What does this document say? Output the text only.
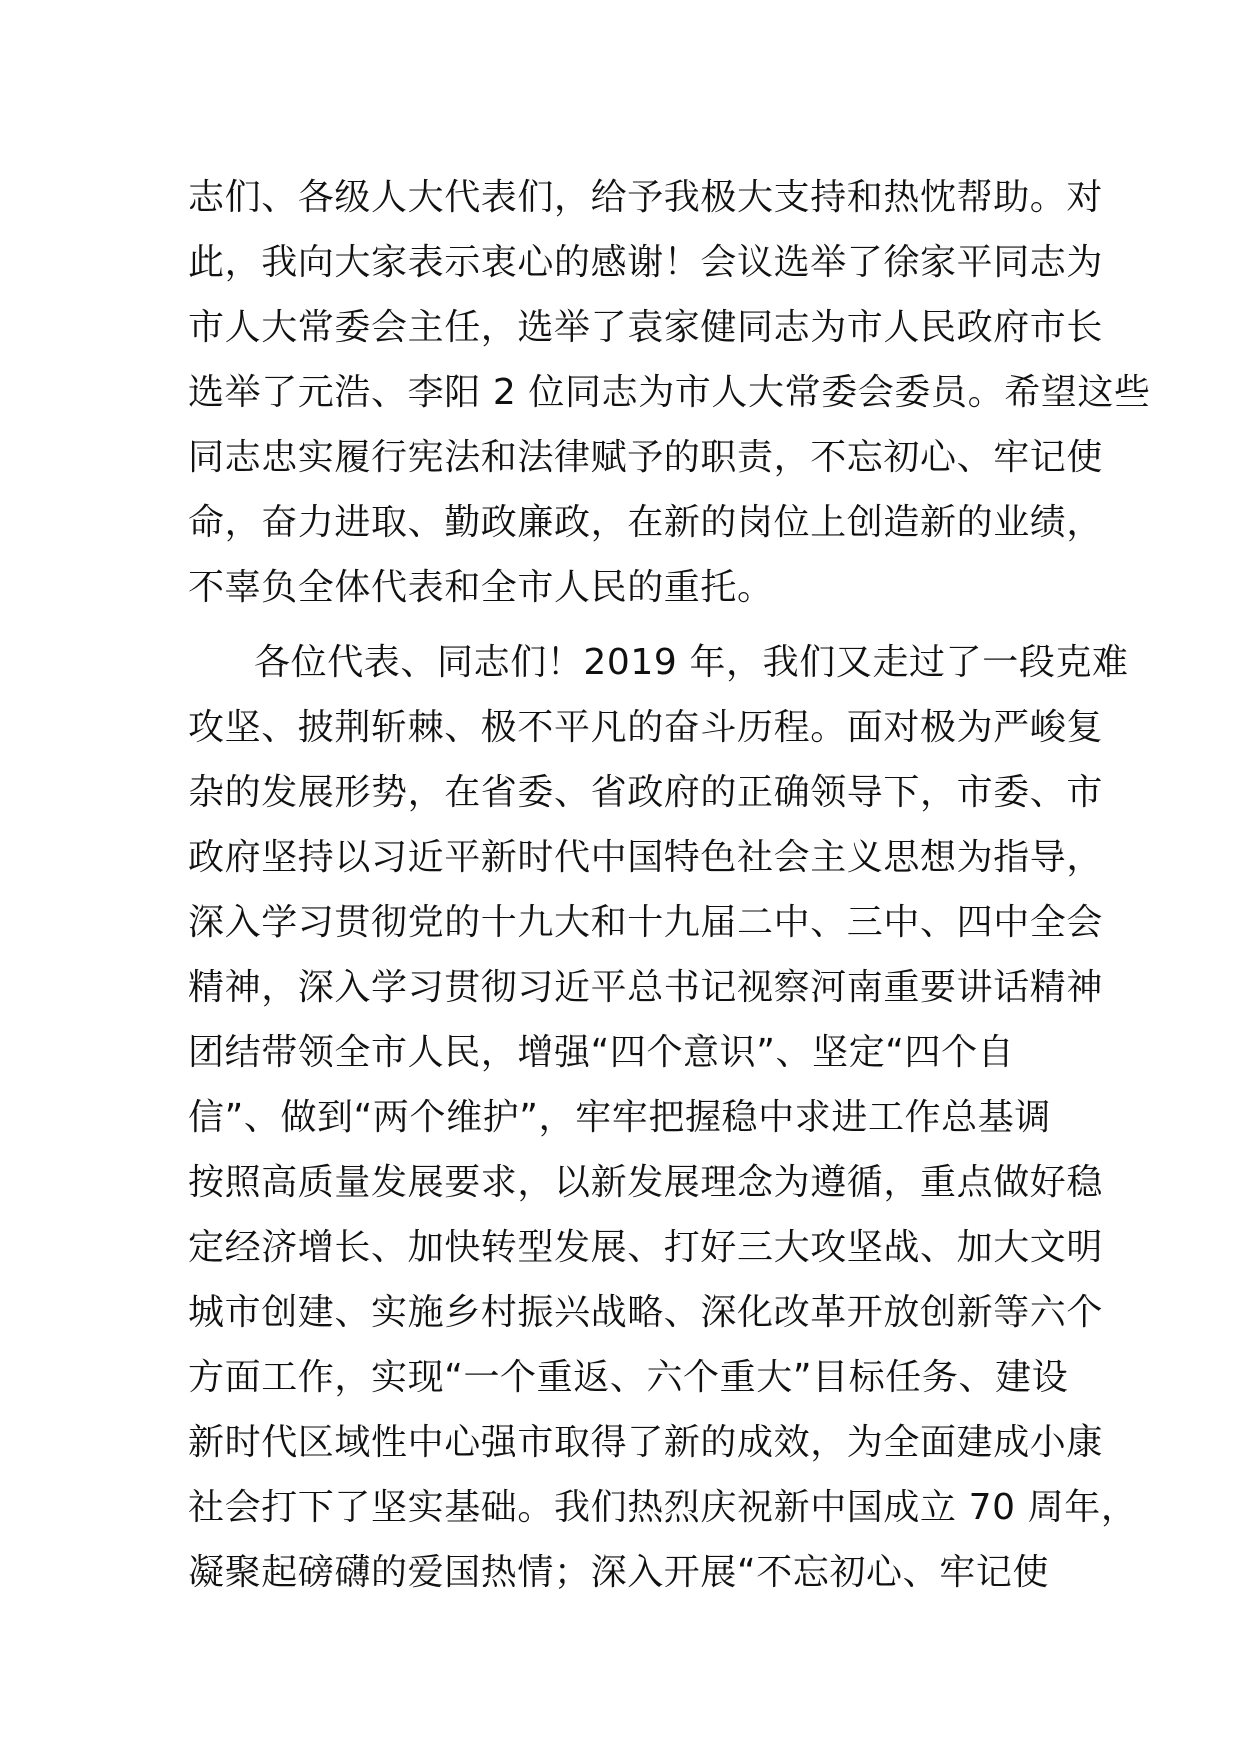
志们、各级人大代表们，给予我极大支持和热忱帮助。对
此，我向大家表示衷心的感谢！会议选举了徐家平同志为
市人大常委会主任，选举了袁家健同志为市人民政府市长
选举了元浩、李阳 2 位同志为市人大常委会委员。希望这些
同志忠实履行宪法和法律赋予的职责，不忘初心、牢记使
命，奋力进取、勤政廉政，在新的岗位上创造新的业绩，
不辜负全体代表和全市人民的重托。
各位代表、同志们！2019 年，我们又走过了一段克难
攻坚、披荆斩棘、极不平凡的奋斗历程。面对极为严峻复
杂的发展形势，在省委、省政府的正确领导下，市委、市
政府坚持以习近平新时代中国特色社会主义思想为指导，
深入学习贯彻党的十九大和十九届二中、三中、四中全会
精神，深入学习贯彻习近平总书记视察河南重要讲话精神
团结带领全市人民，增强“四个意识”、坚定“四个自
信”、做到“两个维护”，牢牢把握稳中求进工作总基调
按照高质量发展要求，以新发展理念为遵循，重点做好稳
定经济增长、加快转型发展、打好三大攻坚战、加大文明
城市创建、实施乡村振兴战略、深化改革开放创新等六个
方面工作，实现“一个重返、六个重大”目标任务、建设
新时代区域性中心强市取得了新的成效，为全面建成小康
社会打下了坚实基础。我们热烈庆祝新中国成立 70 周年，
凝聚起磅礴的爱国热情；深入开展“不忘初心、牢记使
